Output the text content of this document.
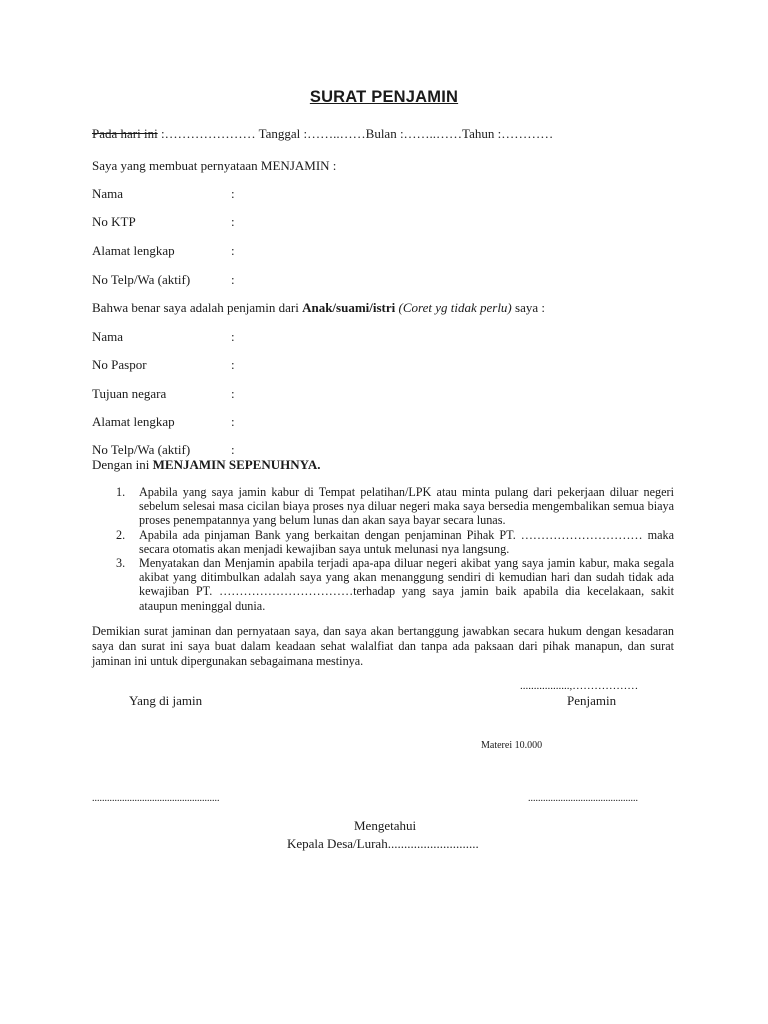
SURAT PENJAMIN
Pada hari ini :………………… Tanggal :……..……Bulan :……..……Tahun :…………
Saya yang membuat pernyataan MENJAMIN :
Nama	:
No KTP	:
Alamat lengkap	:
No Telp/Wa (aktif)	:
Bahwa benar saya adalah penjamin dari Anak/suami/istri (Coret yg tidak perlu) saya :
Nama	:
No Paspor	:
Tujuan negara	:
Alamat lengkap	:
No Telp/Wa (aktif)	:
Dengan ini MENJAMIN SEPENUHNYA.
1. Apabila yang saya jamin kabur di Tempat pelatihan/LPK atau minta pulang dari pekerjaan diluar negeri sebelum selesai masa cicilan biaya proses nya diluar negeri maka saya bersedia mengembalikan semua biaya proses penempatannya yang belum lunas dan akan saya bayar secara lunas.
2. Apabila ada pinjaman Bank yang berkaitan dengan penjaminan Pihak PT. ………………………… maka secara otomatis akan menjadi kewajiban saya untuk melunasi nya langsung.
3. Menyatakan dan Menjamin apabila terjadi apa-apa diluar negeri akibat yang saya jamin kabur, maka segala akibat yang ditimbulkan adalah saya yang akan menanggung sendiri di kemudian hari dan sudah tidak ada kewajiban PT. ……………………………terhadap yang saya jamin baik apabila dia kecelakaan, sakit ataupun meninggal dunia.
Demikian surat jaminan dan pernyataan saya, dan saya akan bertanggung jawabkan secara hukum dengan kesadaran saya dan surat ini saya buat dalam keadaan sehat walalfiat dan tanpa ada paksaan dari pihak manapun, dan surat jaminan ini untuk dipergunakan sebagaimana mestinya.
..................,………………
Yang di jamin	Penjamin
Materei 10.000
...................................................	............................................
Mengetahui
Kepala Desa/Lurah............................
